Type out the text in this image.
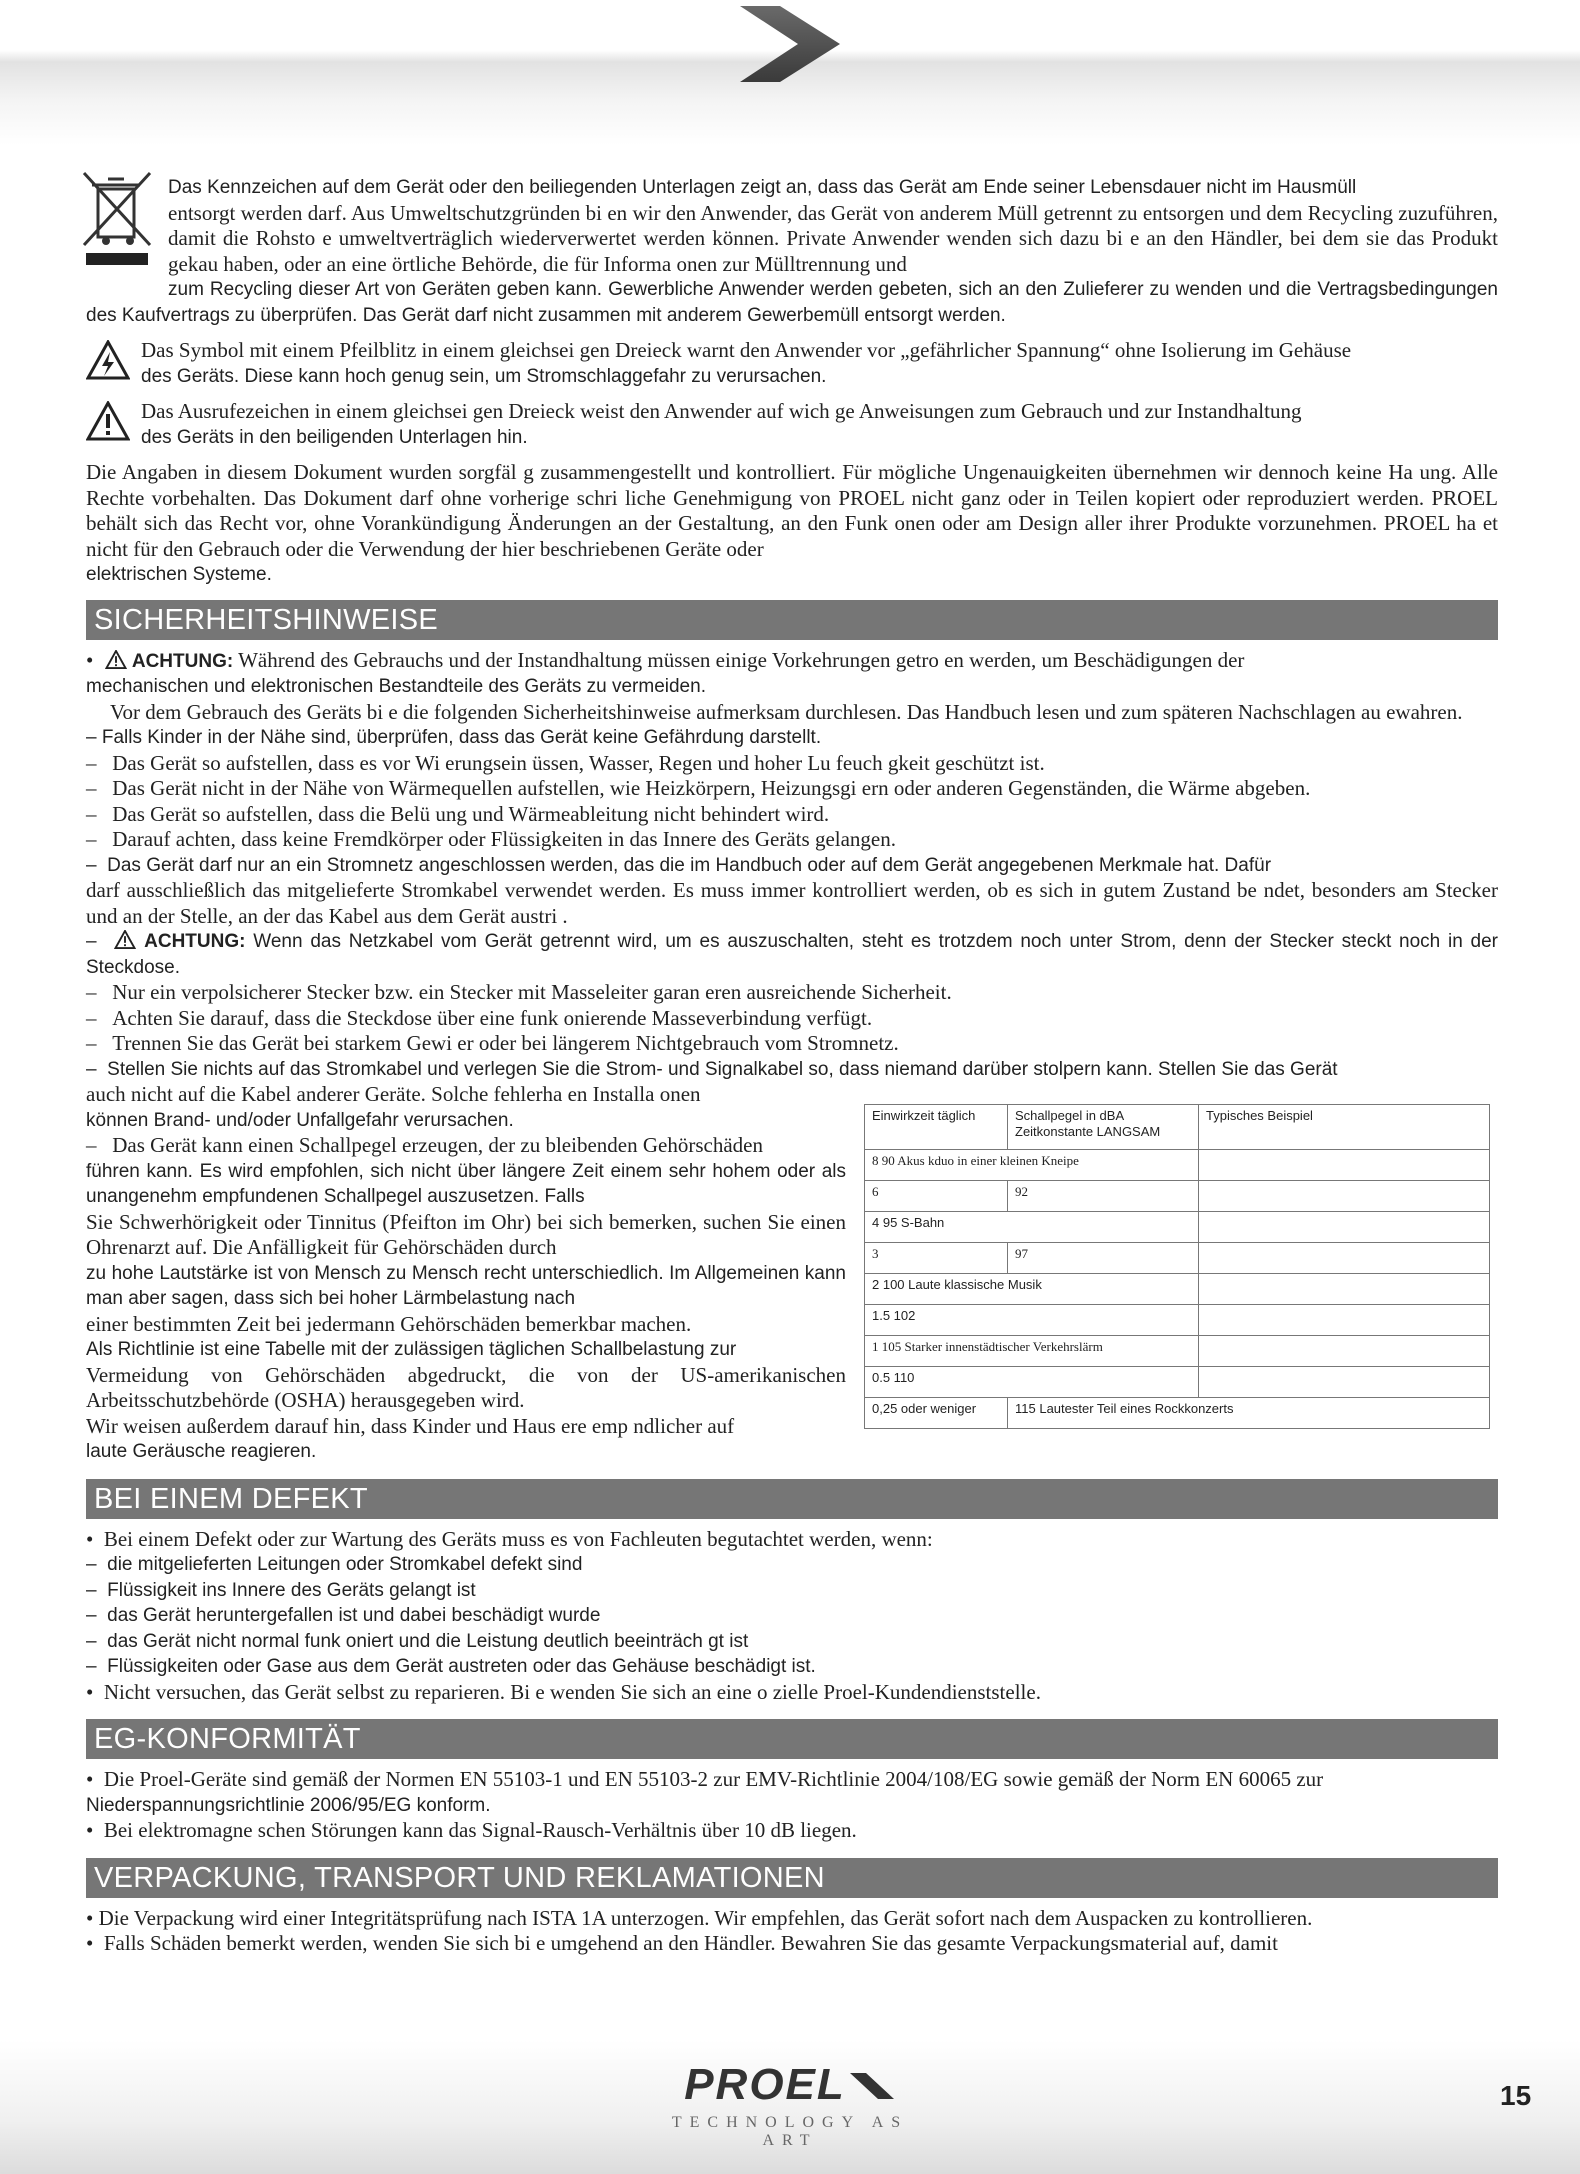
Das Kennzeichen auf dem Gerät oder den beiliegenden Unterlagen zeigt an, dass das Gerät am Ende seiner Lebensdauer nicht im Hausmüll

entsorgt werden darf. Aus Umweltschutzgründen bi en wir den Anwender, das Gerät von anderem Müll getrennt zu entsorgen und dem Recycling zuzuführen, damit die Rohsto e umweltverträglich wiederverwertet werden können. Private Anwender wenden sich dazu bi e an den Händler, bei dem sie das Produkt gekau haben, oder an eine örtliche Behörde, die für Informa onen zur Mülltrennung und

zum Recycling dieser Art von Geräten geben kann. Gewerbliche Anwender werden gebeten, sich an den Zulieferer zu wenden und die Vertragsbedingungen des Kaufvertrags zu überprüfen. Das Gerät darf nicht zusammen mit anderem Gewerbemüll entsorgt werden.

Das Symbol mit einem Pfeilblitz in einem gleichsei gen Dreieck warnt den Anwender vor „gefährlicher Spannung“ ohne Isolierung im Gehäuse

des Geräts. Diese kann hoch genug sein, um Stromschlaggefahr zu verursachen.

Das Ausrufezeichen in einem gleichsei gen Dreieck weist den Anwender auf wich ge Anweisungen zum Gebrauch und zur Instandhaltung

des Geräts in den beiligenden Unterlagen hin.

Die Angaben in diesem Dokument wurden sorgfäl g zusammengestellt und kontrolliert. Für mögliche Ungenauigkeiten übernehmen wir dennoch keine Ha ung. Alle Rechte vorbehalten. Das Dokument darf ohne vorherige schri liche Genehmigung von PROEL nicht ganz oder in Teilen kopiert oder reproduziert werden. PROEL behält sich das Recht vor, ohne Vorankündigung Änderungen an der Gestaltung, an den Funk onen oder am Design aller ihrer Produkte vorzunehmen. PROEL ha et nicht für den Gebrauch oder die Verwendung der hier beschriebenen Geräte oder

elektrischen Systeme.

SICHERHEITSHINWEISE

• ACHTUNG: Während des Gebrauchs und der Instandhaltung müssen einige Vorkehrungen getro en werden, um Beschädigungen der

mechanischen und elektronischen Bestandteile des Geräts zu vermeiden.

Vor dem Gebrauch des Geräts bi e die folgenden Sicherheitshinweise aufmerksam durchlesen. Das Handbuch lesen und zum späteren Nachschlagen au ewahren.

– Falls Kinder in der Nähe sind, überprüfen, dass das Gerät keine Gefährdung darstellt.

– Das Gerät so aufstellen, dass es vor Wi erungsein üssen, Wasser, Regen und hoher Lu feuch gkeit geschützt ist.

– Das Gerät nicht in der Nähe von Wärmequellen aufstellen, wie Heizkörpern, Heizungsgi ern oder anderen Gegenständen, die Wärme abgeben.

– Das Gerät so aufstellen, dass die Belü ung und Wärmeableitung nicht behindert wird.

– Darauf achten, dass keine Fremdkörper oder Flüssigkeiten in das Innere des Geräts gelangen.

– Das Gerät darf nur an ein Stromnetz angeschlossen werden, das die im Handbuch oder auf dem Gerät angegebenen Merkmale hat. Dafür

darf ausschließlich das mitgelieferte Stromkabel verwendet werden. Es muss immer kontrolliert werden, ob es sich in gutem Zustand be ndet, besonders am Stecker und an der Stelle, an der das Kabel aus dem Gerät austri .

–	ACHTUNG: Wenn das Netzkabel vom Gerät getrennt wird, um es auszuschalten, steht es trotzdem noch unter Strom, denn der Stecker steckt noch in der Steckdose.

– Nur ein verpolsicherer Stecker bzw. ein Stecker mit Masseleiter garan eren ausreichende Sicherheit.

– Achten Sie darauf, dass die Steckdose über eine funk onierende Masseverbindung verfügt.

– Trennen Sie das Gerät bei starkem Gewi er oder bei längerem Nichtgebrauch vom Stromnetz.

– Stellen Sie nichts auf das Stromkabel und verlegen Sie die Strom- und Signalkabel so, dass niemand darüber stolpern kann. Stellen Sie das Gerät

auch nicht auf die Kabel anderer Geräte. Solche fehlerha en Installa onen

können Brand- und/oder Unfallgefahr verursachen.

– Das Gerät kann einen Schallpegel erzeugen, der zu bleibenden Gehörschäden

führen kann. Es wird empfohlen, sich nicht über längere Zeit einem sehr hohem oder als unangenehm empfundenen Schallpegel auszusetzen. Falls

Sie Schwerhörigkeit oder Tinnitus (Pfeifton im Ohr) bei sich bemerken, suchen Sie einen Ohrenarzt auf. Die Anfälligkeit für Gehörschäden durch

zu hohe Lautstärke ist von Mensch zu Mensch recht unterschiedlich. Im Allgemeinen kann man aber sagen, dass sich bei hoher Lärmbelastung nach

einer bestimmten Zeit bei jedermann Gehörschäden bemerkbar machen.

Als Richtlinie ist eine Tabelle mit der zulässigen täglichen Schallbelastung zur

Vermeidung von Gehörschäden abgedruckt, die von der US-amerikanischen Arbeitsschutzbehörde (OSHA) herausgegeben wird.

Wir weisen außerdem darauf hin, dass Kinder und Haus ere emp ndlicher auf

laute Geräusche reagieren.

Einwirkzeit täglich	Schallpegel in dBA Zeitkonstante LANGSAM	Typisches Beispiel
8 90 Akus kduo in einer kleinen Kneipe		
6	92	
4 95 S-Bahn		
3	97	
2 100 Laute klassische Musik		
1.5 102		
1 105 Starker innenstädtischer Verkehrslärm		
0.5 110		
0,25 oder weniger	115 Lautester Teil eines Rockkonzerts	
BEI EINEM DEFEKT

• Bei einem Defekt oder zur Wartung des Geräts muss es von Fachleuten begutachtet werden, wenn:

– die mitgelieferten Leitungen oder Stromkabel defekt sind

– Flüssigkeit ins Innere des Geräts gelangt ist

– das Gerät heruntergefallen ist und dabei beschädigt wurde

– das Gerät nicht normal funk oniert und die Leistung deutlich beeinträch gt ist

– Flüssigkeiten oder Gase aus dem Gerät austreten oder das Gehäuse beschädigt ist.

• Nicht versuchen, das Gerät selbst zu reparieren. Bi e wenden Sie sich an eine o zielle Proel-Kundendienststelle.

EG-KONFORMITÄT

• Die Proel-Geräte sind gemäß der Normen EN 55103-1 und EN 55103-2 zur EMV-Richtlinie 2004/108/EG sowie gemäß der Norm EN 60065 zur

Niederspannungsrichtlinie 2006/95/EG konform.

• Bei elektromagne schen Störungen kann das Signal-Rausch-Verhältnis über 10 dB liegen.

VERPACKUNG, TRANSPORT UND REKLAMATIONEN

• Die Verpackung wird einer Integritätsprüfung nach ISTA 1A unterzogen. Wir empfehlen, das Gerät sofort nach dem Auspacken zu kontrollieren.

• Falls Schäden bemerkt werden, wenden Sie sich bi e umgehend an den Händler. Bewahren Sie das gesamte Verpackungsmaterial auf, damit

PROEL
TECHNOLOGY AS ART
15
